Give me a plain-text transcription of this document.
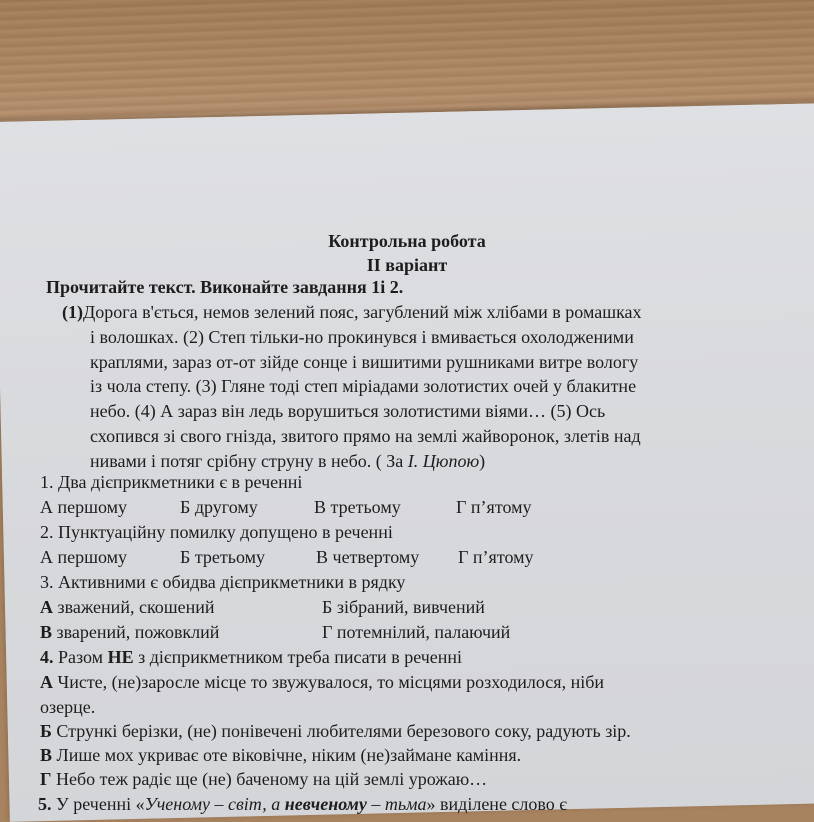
Контрольна робота
ІІ варіант
Прочитайте текст. Виконайте завдання 1і 2.
(1)Дорога в'ється, немов зелений пояс, загублений між хлібами в ромашках
і волошках. (2) Степ тільки-но прокинувся і вмивається охолодженими
краплями, зараз от-от зійде сонце і вишитими рушниками витре вологу
із чола степу. (3) Гляне тоді степ міріадами золотистих очей у блакитне
небо. (4) А зараз він ледь ворушиться золотистими віями… (5) Ось
схопився зі свого гнізда, звитого прямо на землі жайворонок, злетів над
нивами і потяг срібну струну в небо. ( За І. Цюпою)
1. Два дієприкметники є в реченні
А першому	Б другому	В третьому	Г п’ятому
2. Пунктуаційну помилку допущено в реченні
А першому	Б третьому	В четвертому Г п’ятому
3. Активними є обидва дієприкметники в рядку
А зважений, скошений	Б зібраний, вивчений
В зварений, пожовклий	Г потемнілий, палаючий
4. Разом НЕ з дієприкметником треба писати в реченні
А Чисте, (не)заросле місце то звужувалося, то місцями розходилося, ніби
озерце.
Б Стрункі берізки, (не) понівечені любителями березового соку, радують зір.
В Лише мох укриває оте віковічне, ніким (не)займане каміння.
Г Небо теж радіє ще (не) баченому на цій землі урожаю…
5. У реченні «Ученому – світ, а невченому – тьма» виділене слово є
